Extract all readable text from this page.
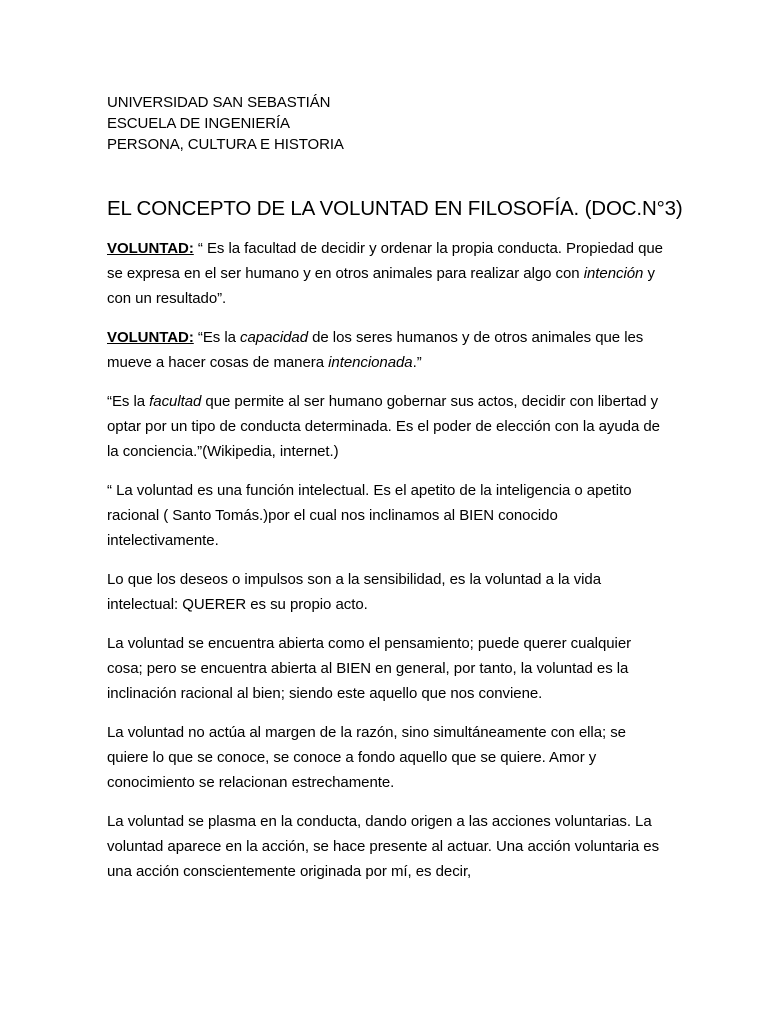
UNIVERSIDAD SAN SEBASTIÁN
ESCUELA DE INGENIERÍA
PERSONA, CULTURA E HISTORIA
EL CONCEPTO DE LA VOLUNTAD EN FILOSOFÍA. (DOC.N°3)

VOLUNTAD: “ Es la facultad de decidir y ordenar la propia conducta. Propiedad que se expresa en el ser humano y en otros animales para realizar algo con intención y con un resultado”.

VOLUNTAD: “Es la capacidad de los seres humanos y de otros animales que les mueve a hacer cosas de manera intencionada.”

“Es la facultad que permite al ser humano gobernar sus actos, decidir con libertad y optar por un tipo de conducta determinada. Es el poder de elección con la ayuda de la conciencia.”(Wikipedia, internet.)

“ La voluntad es una función intelectual. Es el apetito de la inteligencia o apetito racional ( Santo Tomás.)por el cual nos inclinamos al BIEN conocido intelectivamente.

Lo que los deseos o impulsos son a la sensibilidad, es la voluntad a la vida intelectual: QUERER es su propio acto.

La voluntad se encuentra abierta como el pensamiento; puede querer cualquier cosa; pero se encuentra abierta al BIEN en general, por tanto, la voluntad es la inclinación racional al bien; siendo este aquello que nos conviene.

La voluntad no actúa al margen de la razón, sino simultáneamente con ella; se quiere lo que se conoce, se conoce a fondo aquello que se quiere. Amor y conocimiento se relacionan estrechamente.

La voluntad se plasma en la conducta, dando origen a las acciones voluntarias. La voluntad aparece en la acción, se hace presente al actuar. Una acción voluntaria es una acción conscientemente originada por mí, es decir,
